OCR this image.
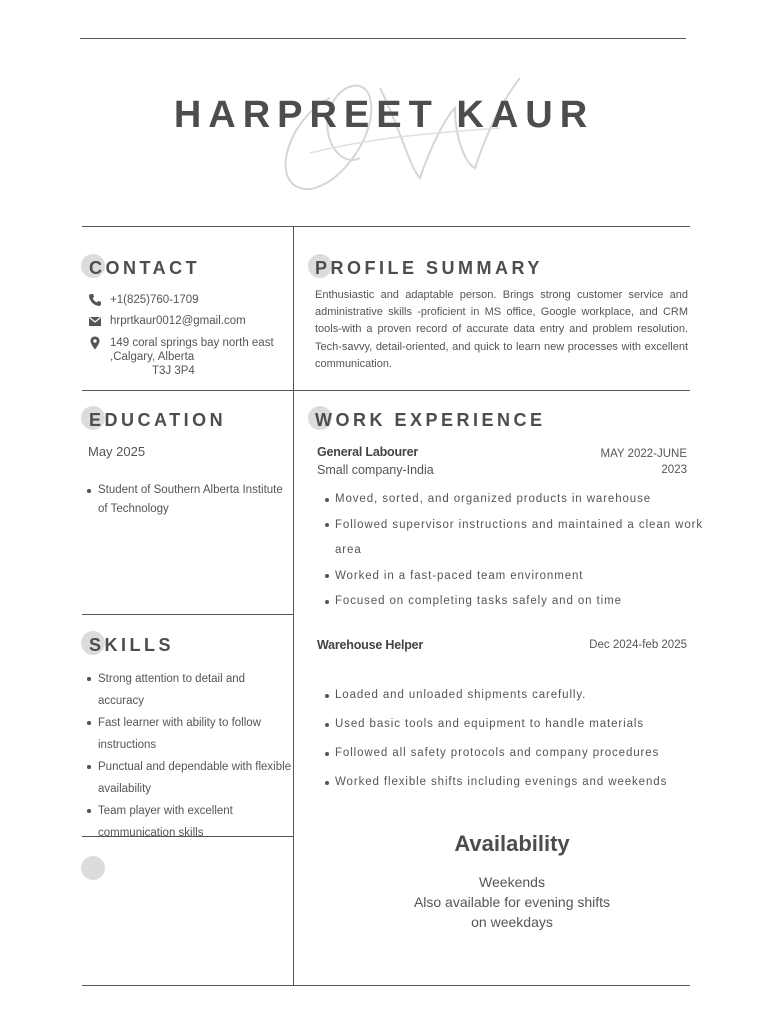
HARPREET KAUR
CONTACT
+1(825)760-1709
hrprtkaur0012@gmail.com
149 coral springs bay north east
,Calgary, Alberta
T3J 3P4
PROFILE SUMMARY
Enthusiastic and adaptable person. Brings strong customer service and administrative skills -proficient in MS office, Google workplace, and CRM tools-with a proven record of accurate data entry and problem resolution. Tech-savvy, detail-oriented, and quick to learn new processes with excellent communication.
EDUCATION
May 2025
Student of Southern Alberta Institute of Technology
SKILLS
Strong attention to detail and accuracy
Fast learner with ability to follow instructions
Punctual and dependable with flexible availability
Team player with excellent communication skills
WORK EXPERIENCE
General Labourer
Small company-India
MAY 2022-JUNE
2023
Moved, sorted, and organized products in warehouse
Followed supervisor instructions and maintained a clean work area
Worked in a fast-paced team environment
Focused on completing tasks safely and on time
Warehouse Helper	Dec 2024-feb 2025
Loaded and unloaded shipments carefully.
Used basic tools and equipment to handle materials
Followed all safety protocols and company procedures
Worked flexible shifts including evenings and weekends
Availability
Weekends
Also available for evening shifts
on weekdays
